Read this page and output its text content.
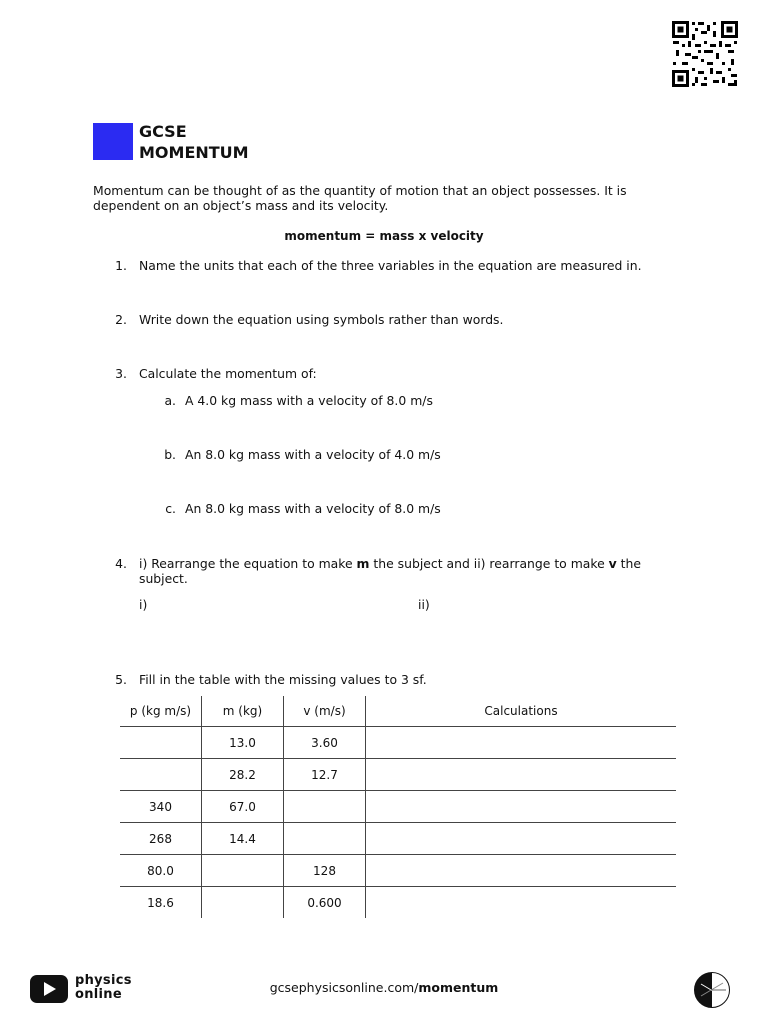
GCSE
MOMENTUM
Momentum can be thought of as the quantity of motion that an object possesses. It is dependent on an object’s mass and its velocity.
momentum = mass x velocity
1. Name the units that each of the three variables in the equation are measured in.
2. Write down the equation using symbols rather than words.
3. Calculate the momentum of:
a. A 4.0 kg mass with a velocity of 8.0 m/s
b. An 8.0 kg mass with a velocity of 4.0 m/s
c. An 8.0 kg mass with a velocity of 8.0 m/s
4. i) Rearrange the equation to make m the subject and ii) rearrange to make v the
subject.
i)	ii)
5. Fill in the table with the missing values to 3 sf.
p (kg m/s)	m (kg)	v (m/s)	Calculations
	13.0	3.60	
	28.2	12.7	
340	67.0		
268	14.4		
80.0		128	
18.6		0.600	
physics
online	gcsephysicsonline.com/momentum
